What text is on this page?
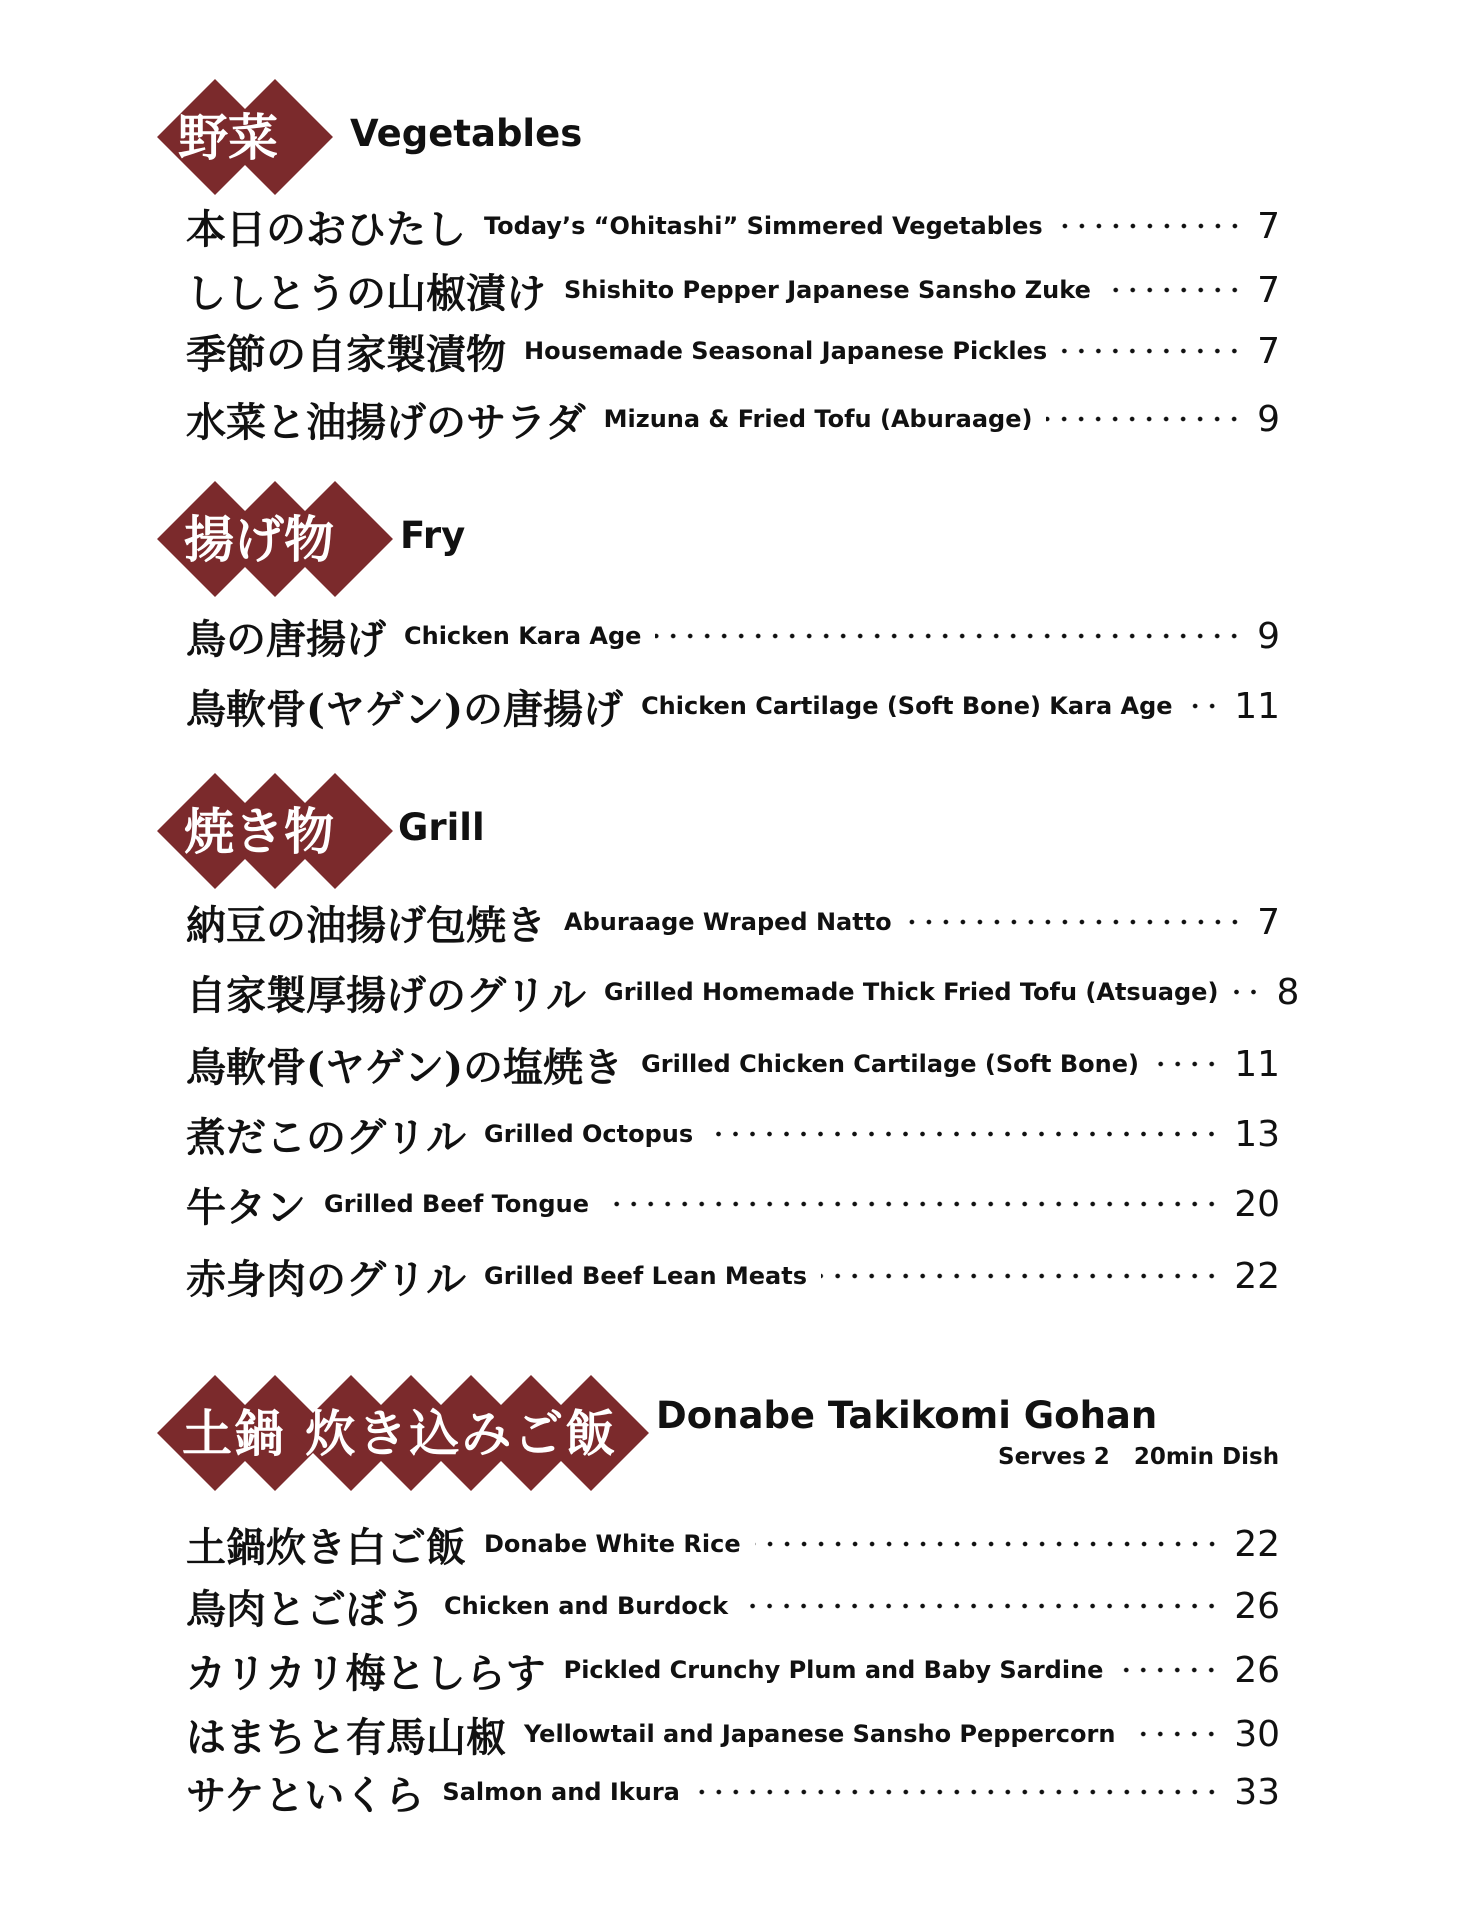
野菜 Vegetables
本日のおひたし Today’s “Ohitashi” Simmered Vegetables	7
ししとうの山椒漬け Shishito Pepper Japanese Sansho Zuke	7
季節の自家製漬物 Housemade Seasonal Japanese Pickles	7
水菜と油揚げのサラダ Mizuna & Fried Tofu (Aburaage)	9
揚げ物 Fry
鳥の唐揚げ Chicken Kara Age	9
鳥軟骨(ヤゲン)の唐揚げ Chicken Cartilage (Soft Bone) Kara Age 11
焼き物 Grill
納豆の油揚げ包焼き Aburaage Wraped Natto	7
自家製厚揚げのグリル Grilled Homemade Thick Fried Tofu (Atsuage) 8
鳥軟骨(ヤゲン)の塩焼き Grilled Chicken Cartilage (Soft Bone)	11
煮だこのグリル Grilled Octopus	13
牛タン Grilled Beef Tongue	20
赤身肉のグリル Grilled Beef Lean Meats	22
土鍋 炊き込みご飯 Donabe Takikomi Gohan
Serves 2   20min Dish
土鍋炊き白ご飯 Donabe White Rice	22
鳥肉とごぼう Chicken and Burdock	26
カリカリ梅としらす Pickled Crunchy Plum and Baby Sardine	26
はまちと有馬山椒 Yellowtail and Japanese Sansho Peppercorn	30
サケといくら Salmon and Ikura	33
